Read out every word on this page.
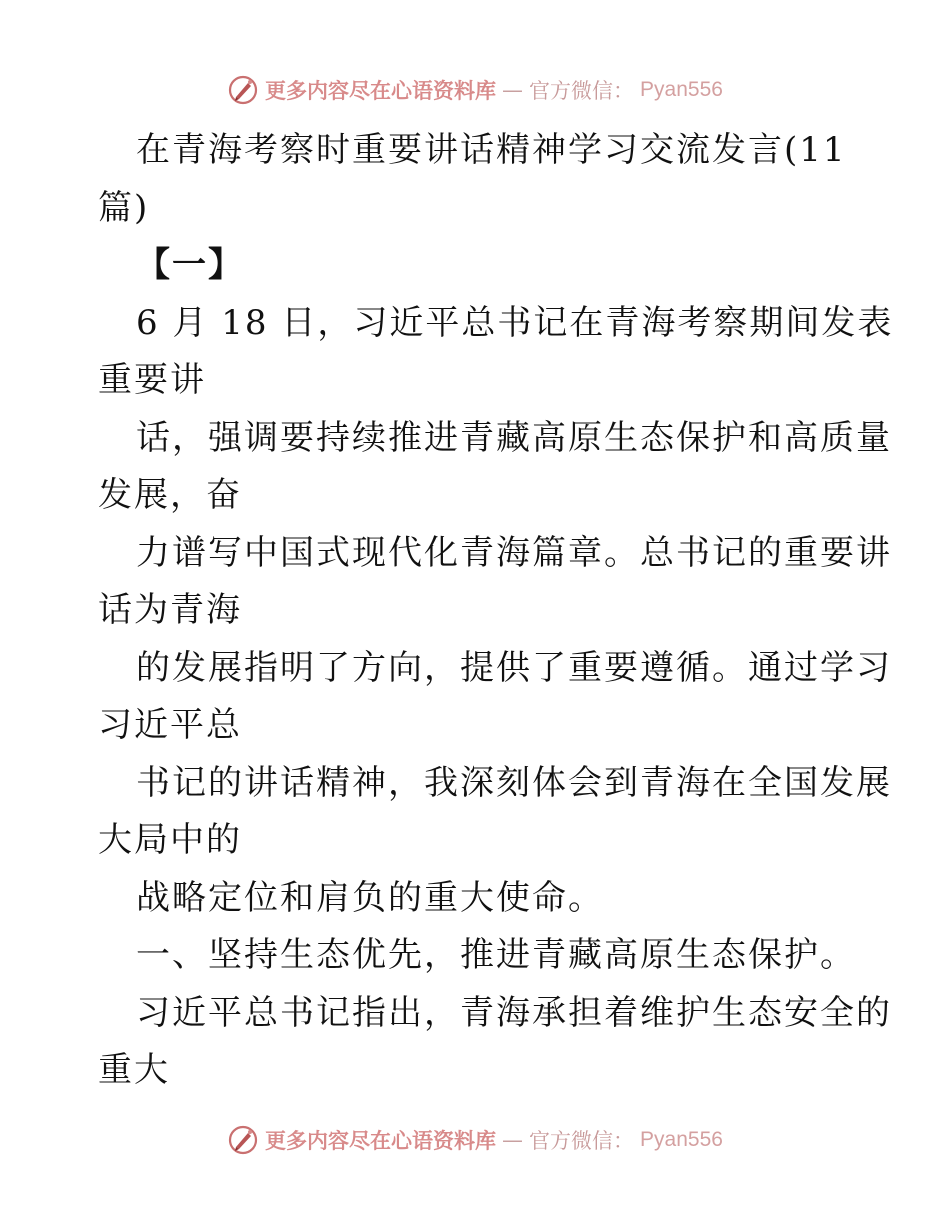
更多内容尽在心语资料库 — 官方微信： Pyan556
在青海考察时重要讲话精神学习交流发言(11
篇)
【一】
6 月 18 日，习近平总书记在青海考察期间发表
重要讲
话，强调要持续推进青藏高原生态保护和高质量
发展，奋
力谱写中国式现代化青海篇章。总书记的重要讲
话为青海
的发展指明了方向，提供了重要遵循。通过学习
习近平总
书记的讲话精神，我深刻体会到青海在全国发展
大局中的
战略定位和肩负的重大使命。
一、坚持生态优先，推进青藏高原生态保护。
习近平总书记指出，青海承担着维护生态安全的
重大
更多内容尽在心语资料库 — 官方微信： Pyan556
